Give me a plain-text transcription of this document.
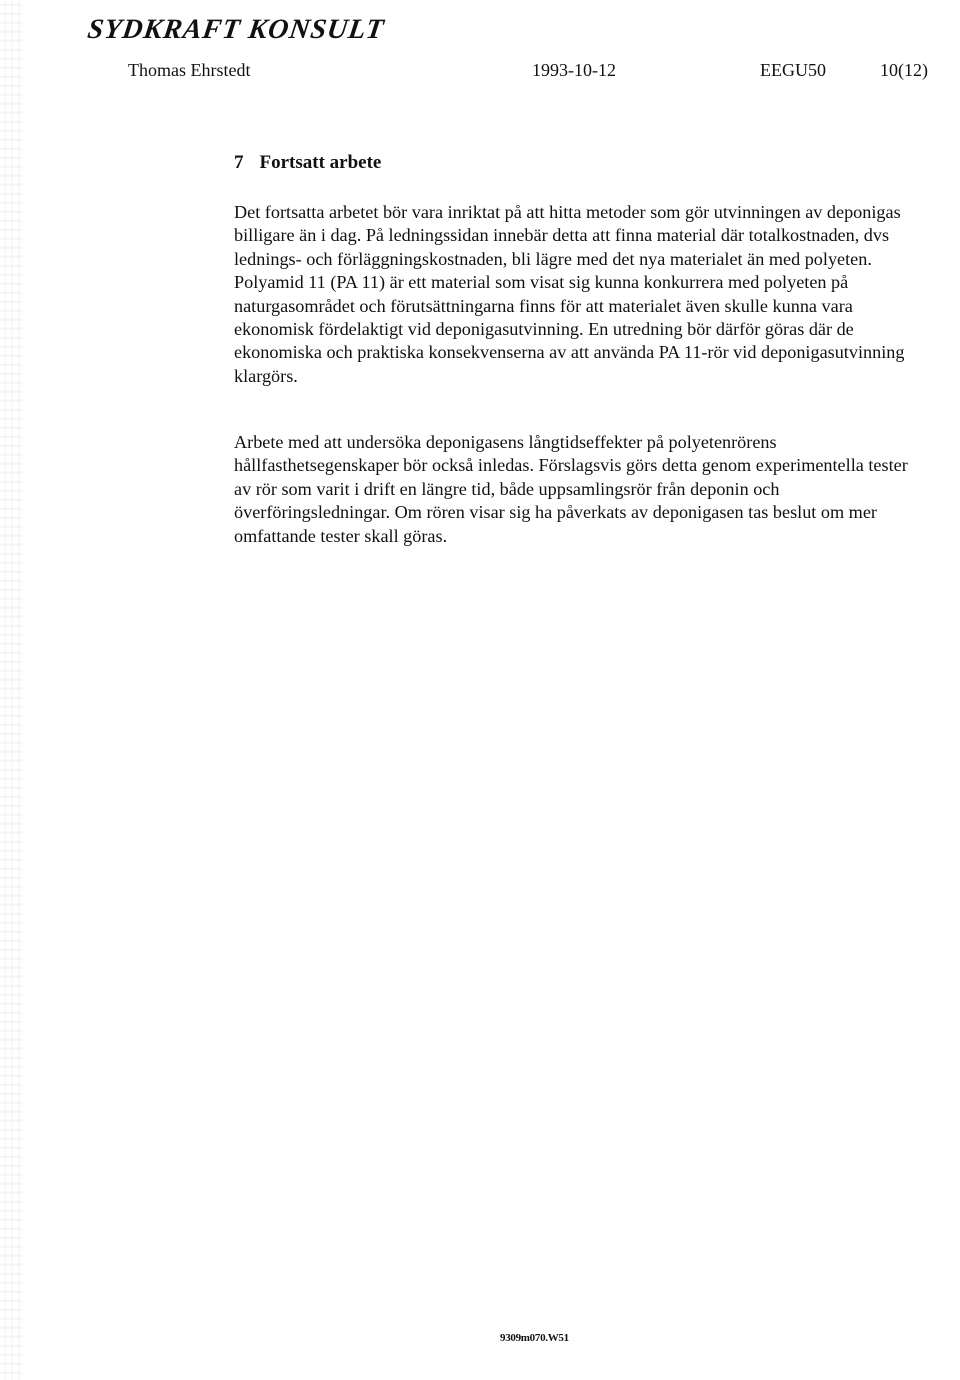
SYDKRAFT KONSULT
Thomas Ehrstedt	1993-10-12	EEGU50	10(12)
7 Fortsatt arbete
Det fortsatta arbetet bör vara inriktat på att hitta metoder som gör utvinningen av deponigas billigare än i dag. På ledningssidan innebär detta att finna material där totalkostnaden, dvs lednings- och förläggningskostnaden, bli lägre med det nya materialet än med polyeten. Polyamid 11 (PA 11) är ett material som visat sig kunna konkurrera med polyeten på naturgasområdet och förutsättningarna finns för att materialet även skulle kunna vara ekonomisk fördelaktigt vid deponigasutvinning. En utredning bör därför göras där de ekonomiska och praktiska konsekvenserna av att använda PA 11-rör vid deponigasutvinning klargörs.
Arbete med att undersöka deponigasens långtidseffekter på polyetenrörens hållfasthetsegenskaper bör också inledas. Förslagsvis görs detta genom experimentella tester av rör som varit i drift en längre tid, både uppsamlingsrör från deponin och överföringsledningar. Om rören visar sig ha påverkats av deponigasen tas beslut om mer omfattande tester skall göras.
9309m070.W51
